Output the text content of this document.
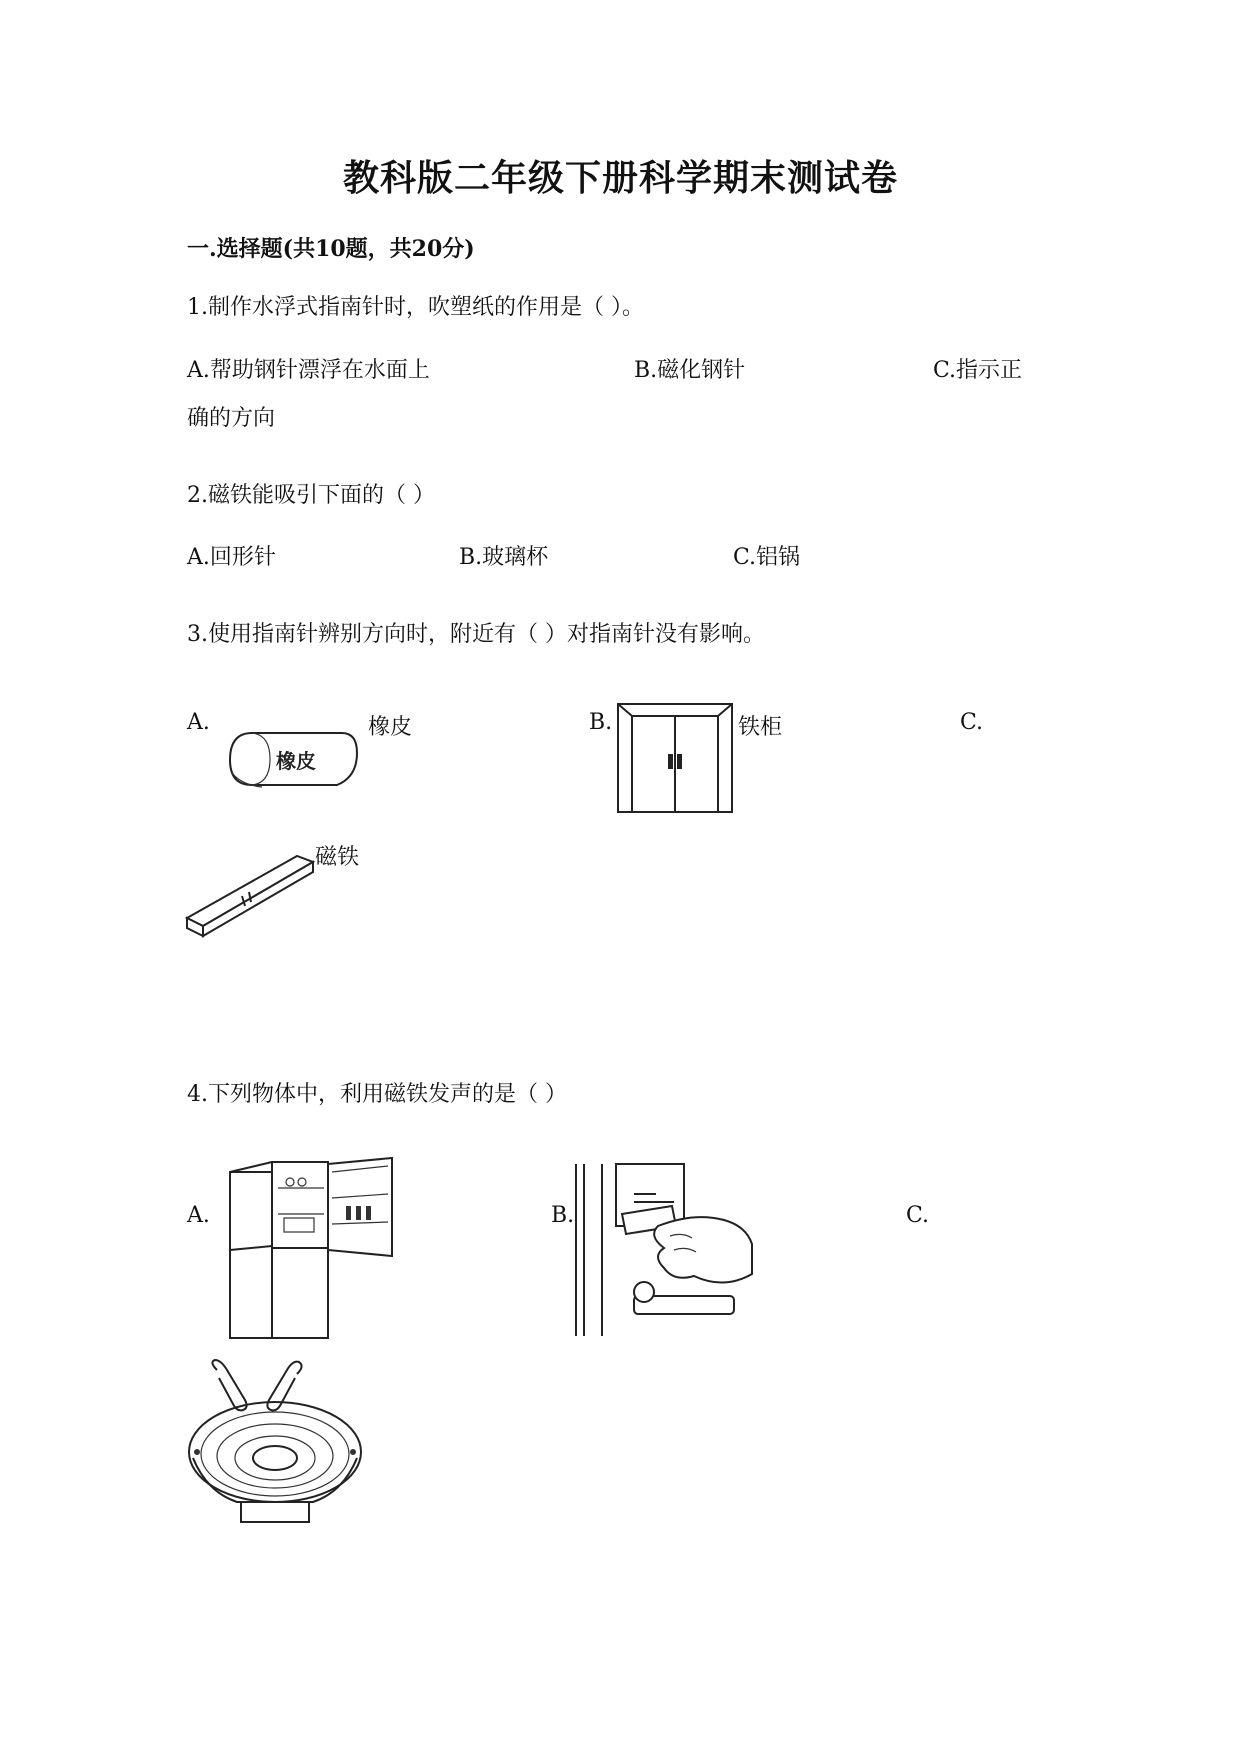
教科版二年级下册科学期末测试卷
一.选择题(共10题，共20分)
1.制作水浮式指南针时，吹塑纸的作用是（ ）。
A.帮助钢针漂浮在水面上	B.磁化钢针	C.指示正
确的方向
2.磁铁能吸引下面的（ ）
A.回形针	B.玻璃杯	C.铝锅
3.使用指南针辨别方向时，附近有（ ）对指南针没有影响。
A.	橡皮	B.	铁柜	C.
磁铁
橡皮
4.下列物体中，利用磁铁发声的是（ ）
A.	B.	C.
